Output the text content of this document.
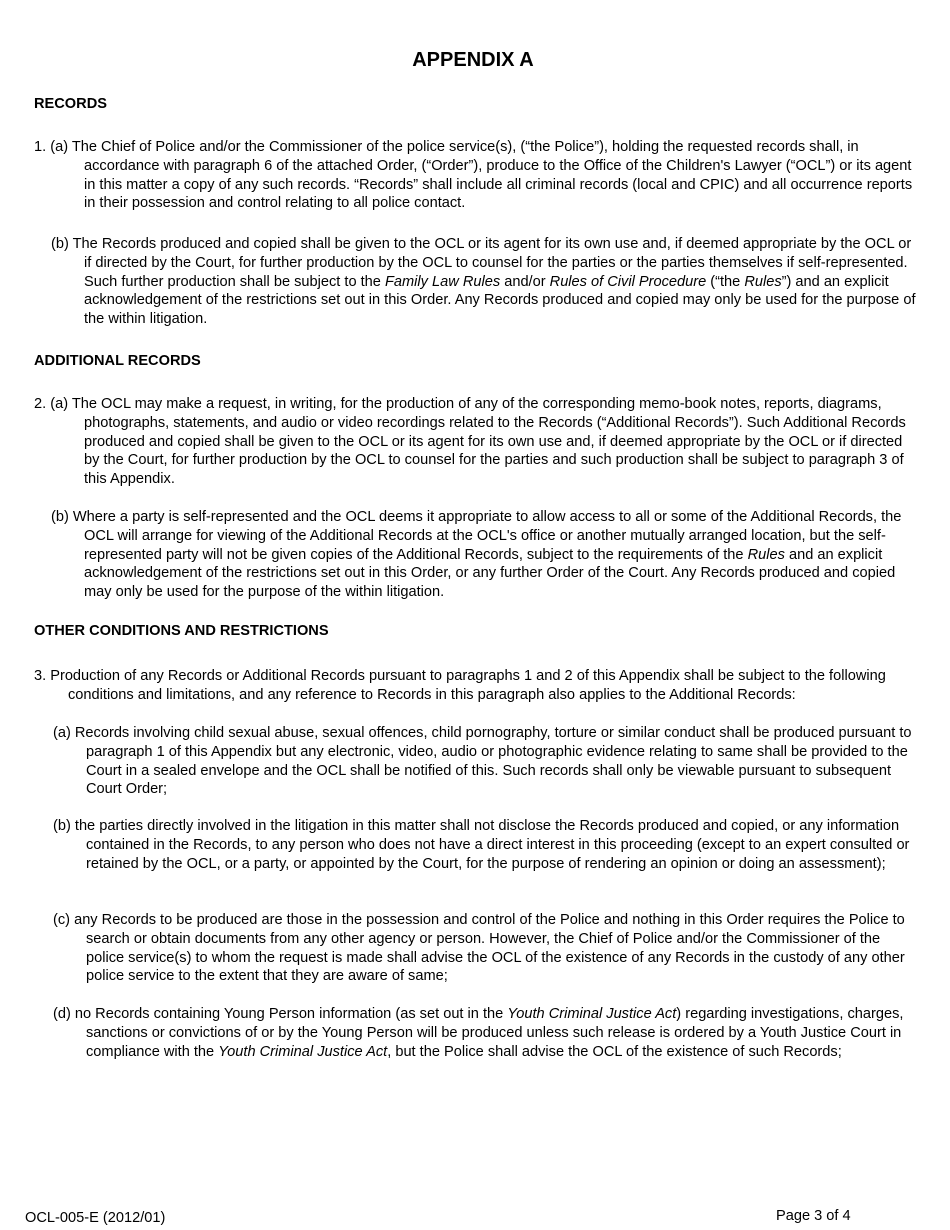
APPENDIX A
RECORDS

1. (a) The Chief of Police and/or the Commissioner of the police service(s), (“the Police”), holding the requested records shall, in accordance with paragraph 6 of the attached Order, (“Order”), produce to the Office of the Children's Lawyer (“OCL”) or its agent in this matter a copy of any such records. “Records” shall include all criminal records (local and CPIC) and all occurrence reports in their possession and control relating to all police contact.

(b) The Records produced and copied shall be given to the OCL or its agent for its own use and, if deemed appropriate by the OCL or if directed by the Court, for further production by the OCL to counsel for the parties or the parties themselves if self-represented. Such further production shall be subject to the Family Law Rules and/or Rules of Civil Procedure (“the Rules”) and an explicit acknowledgement of the restrictions set out in this Order. Any Records produced and copied may only be used for the purpose of the within litigation.

ADDITIONAL RECORDS

2. (a) The OCL may make a request, in writing, for the production of any of the corresponding memo-book notes, reports, diagrams, photographs, statements, and audio or video recordings related to the Records (“Additional Records”). Such Additional Records produced and copied shall be given to the OCL or its agent for its own use and, if deemed appropriate by the OCL or if directed by the Court, for further production by the OCL to counsel for the parties and such production shall be subject to paragraph 3 of this Appendix.

(b) Where a party is self-represented and the OCL deems it appropriate to allow access to all or some of the Additional Records, the OCL will arrange for viewing of the Additional Records at the OCL's office or another mutually arranged location, but the self-represented party will not be given copies of the Additional Records, subject to the requirements of the Rules and an explicit acknowledgement of the restrictions set out in this Order, or any further Order of the Court. Any Records produced and copied may only be used for the purpose of the within litigation.

OTHER CONDITIONS AND RESTRICTIONS

3. Production of any Records or Additional Records pursuant to paragraphs 1 and 2 of this Appendix shall be subject to the following conditions and limitations, and any reference to Records in this paragraph also applies to the Additional Records:

(a) Records involving child sexual abuse, sexual offences, child pornography, torture or similar conduct shall be produced pursuant to paragraph 1 of this Appendix but any electronic, video, audio or photographic evidence relating to same shall be provided to the Court in a sealed envelope and the OCL shall be notified of this. Such records shall only be viewable pursuant to subsequent Court Order;

(b) the parties directly involved in the litigation in this matter shall not disclose the Records produced and copied, or any information contained in the Records, to any person who does not have a direct interest in this proceeding (except to an expert consulted or retained by the OCL, or a party, or appointed by the Court, for the purpose of rendering an opinion or doing an assessment);

(c) any Records to be produced are those in the possession and control of the Police and nothing in this Order requires the Police to search or obtain documents from any other agency or person. However, the Chief of Police and/or the Commissioner of the police service(s) to whom the request is made shall advise the OCL of the existence of any Records in the custody of any other police service to the extent that they are aware of same;

(d) no Records containing Young Person information (as set out in the Youth Criminal Justice Act) regarding investigations, charges, sanctions or convictions of or by the Young Person will be produced unless such release is ordered by a Youth Justice Court in compliance with the Youth Criminal Justice Act, but the Police shall advise the OCL of the existence of such Records;

OCL-005-E (2012/01)	Page 3 of 4
